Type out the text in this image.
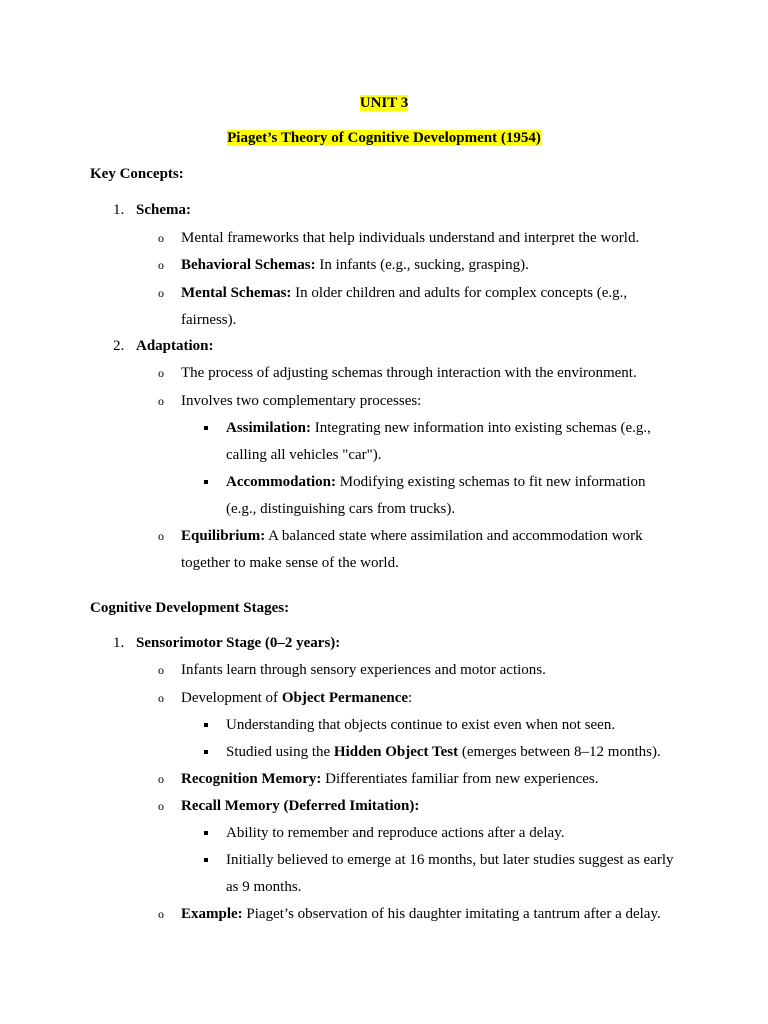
UNIT 3
Piaget’s Theory of Cognitive Development (1954)
Key Concepts:
1. Schema:
o Mental frameworks that help individuals understand and interpret the world.
o Behavioral Schemas: In infants (e.g., sucking, grasping).
o Mental Schemas: In older children and adults for complex concepts (e.g.,
fairness).
2. Adaptation:
o The process of adjusting schemas through interaction with the environment.
o Involves two complementary processes:
Assimilation: Integrating new information into existing schemas (e.g.,
calling all vehicles "car").
Accommodation: Modifying existing schemas to fit new information
(e.g., distinguishing cars from trucks).
o Equilibrium: A balanced state where assimilation and accommodation work
together to make sense of the world.
Cognitive Development Stages:
1. Sensorimotor Stage (0–2 years):
o Infants learn through sensory experiences and motor actions.
o Development of Object Permanence:
Understanding that objects continue to exist even when not seen.
Studied using the Hidden Object Test (emerges between 8–12 months).
o Recognition Memory: Differentiates familiar from new experiences.
o Recall Memory (Deferred Imitation):
Ability to remember and reproduce actions after a delay.
Initially believed to emerge at 16 months, but later studies suggest as early
as 9 months.
o Example: Piaget’s observation of his daughter imitating a tantrum after a delay.
